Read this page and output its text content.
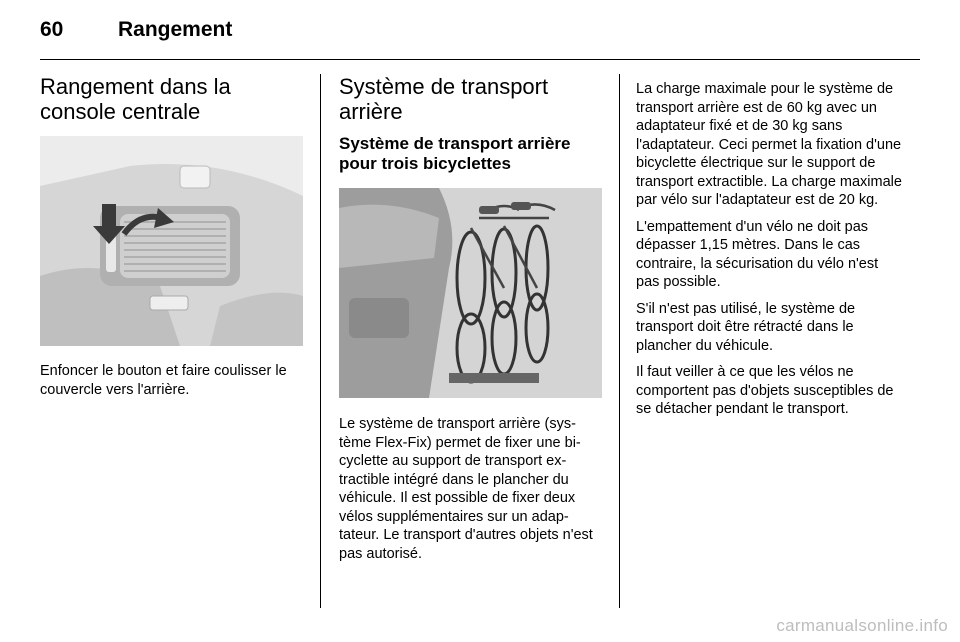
60	Rangement
Rangement dans la console centrale

Enfoncer le bouton et faire coulisser le couvercle vers l'arrière.

Système de transport arrière
Système de transport arrière pour trois bicyclettes

Le système de transport arrière (système Flex-Fix) permet de fixer une bicyclette au support de transport extractible intégré dans le plancher du véhicule. Il est possible de fixer deux vélos supplémentaires sur un adaptateur. Le transport d'autres objets n'est pas autorisé.

La charge maximale pour le système de transport arrière est de 60 kg avec un adaptateur fixé et de 30 kg sans l'adaptateur. Ceci permet la fixation d'une bicyclette électrique sur le support de transport extractible. La charge maximale par vélo sur l'adaptateur est de 20 kg.

L'empattement d'un vélo ne doit pas dépasser 1,15 mètres. Dans le cas contraire, la sécurisation du vélo n'est pas possible.

S'il n'est pas utilisé, le système de transport doit être rétracté dans le plancher du véhicule.

Il faut veiller à ce que les vélos ne comportent pas d'objets susceptibles de se détacher pendant le transport.

carmanualsonline.info
